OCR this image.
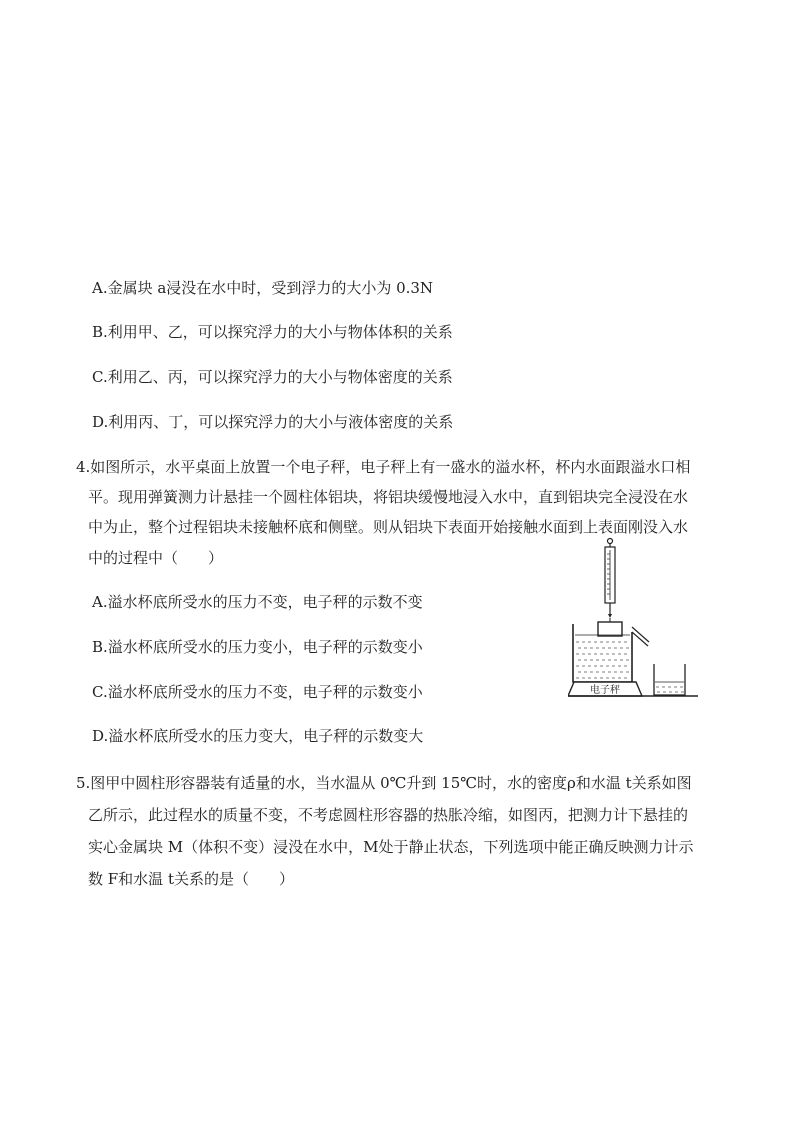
A.金属块 a浸没在水中时，受到浮力的大小为 0.3N
B.利用甲、乙，可以探究浮力的大小与物体体积的关系
C.利用乙、丙，可以探究浮力的大小与物体密度的关系
D.利用丙、丁，可以探究浮力的大小与液体密度的关系
4.如图所示，水平桌面上放置一个电子秤，电子秤上有一盛水的溢水杯，杯内水面跟溢水口相
平。现用弹簧测力计悬挂一个圆柱体铝块，将铝块缓慢地浸入水中，直到铝块完全浸没在水
中为止，整个过程铝块未接触杯底和侧壁。则从铝块下表面开始接触水面到上表面刚没入水
中的过程中（　　）
A.溢水杯底所受水的压力不变，电子秤的示数不变
B.溢水杯底所受水的压力变小，电子秤的示数变小
C.溢水杯底所受水的压力不变，电子秤的示数变小
D.溢水杯底所受水的压力变大，电子秤的示数变大
电子秤
5.图甲中圆柱形容器装有适量的水，当水温从 0℃升到 15℃时，水的密度ρ和水温 t关系如图
乙所示，此过程水的质量不变，不考虑圆柱形容器的热胀冷缩，如图丙，把测力计下悬挂的
实心金属块 M（体积不变）浸没在水中，M处于静止状态，下列选项中能正确反映测力计示
数 F和水温 t关系的是（　　）
